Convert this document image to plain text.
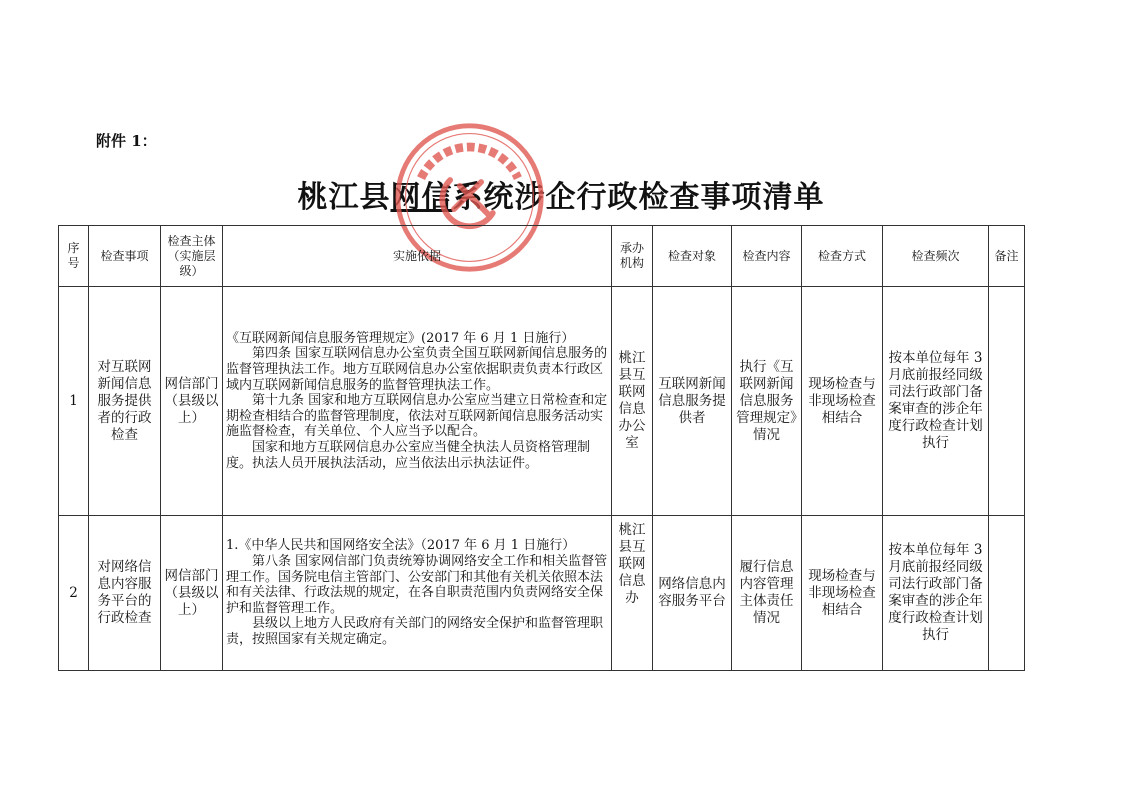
附件 1：
桃江县网信系统涉企行政检查事项清单
序号	检查事项	检查主体（实施层级）	实施依据	承办机构	检查对象	检查内容	检查方式	检查频次	备注
1	对互联网新闻信息服务提供者的行政检查	网信部门（县级以上）	《互联网新闻信息服务管理规定》(2017 年 6 月 1 日施行）

第四条 国家互联网信息办公室负责全国互联网新闻信息服务的监督管理执法工作。地方互联网信息办公室依据职责负责本行政区域内互联网新闻信息服务的监督管理执法工作。

第十九条 国家和地方互联网信息办公室应当建立日常检查和定期检查相结合的监督管理制度，依法对互联网新闻信息服务活动实施监督检查，有关单位、个人应当予以配合。

国家和地方互联网信息办公室应当健全执法人员资格管理制度。执法人员开展执法活动，应当依法出示执法证件。	桃江县互联网信息办公室	互联网新闻信息服务提供者	执行《互联网新闻信息服务管理规定》情况	现场检查与非现场检查相结合	按本单位每年 3 月底前报经同级司法行政部门备案审查的涉企年度行政检查计划执行	
2	对网络信息内容服务平台的行政检查	网信部门（县级以上）	1.《中华人民共和国网络安全法》（2017 年 6 月 1 日施行）

第八条 国家网信部门负责统筹协调网络安全工作和相关监督管理工作。国务院电信主管部门、公安部门和其他有关机关依照本法和有关法律、行政法规的规定，在各自职责范围内负责网络安全保护和监督管理工作。

县级以上地方人民政府有关部门的网络安全保护和监督管理职责，按照国家有关规定确定。	桃江县互联网信息办	网络信息内容服务平台	履行信息内容管理主体责任情况	现场检查与非现场检查相结合	按本单位每年 3 月底前报经同级司法行政部门备案审查的涉企年度行政检查计划执行	
